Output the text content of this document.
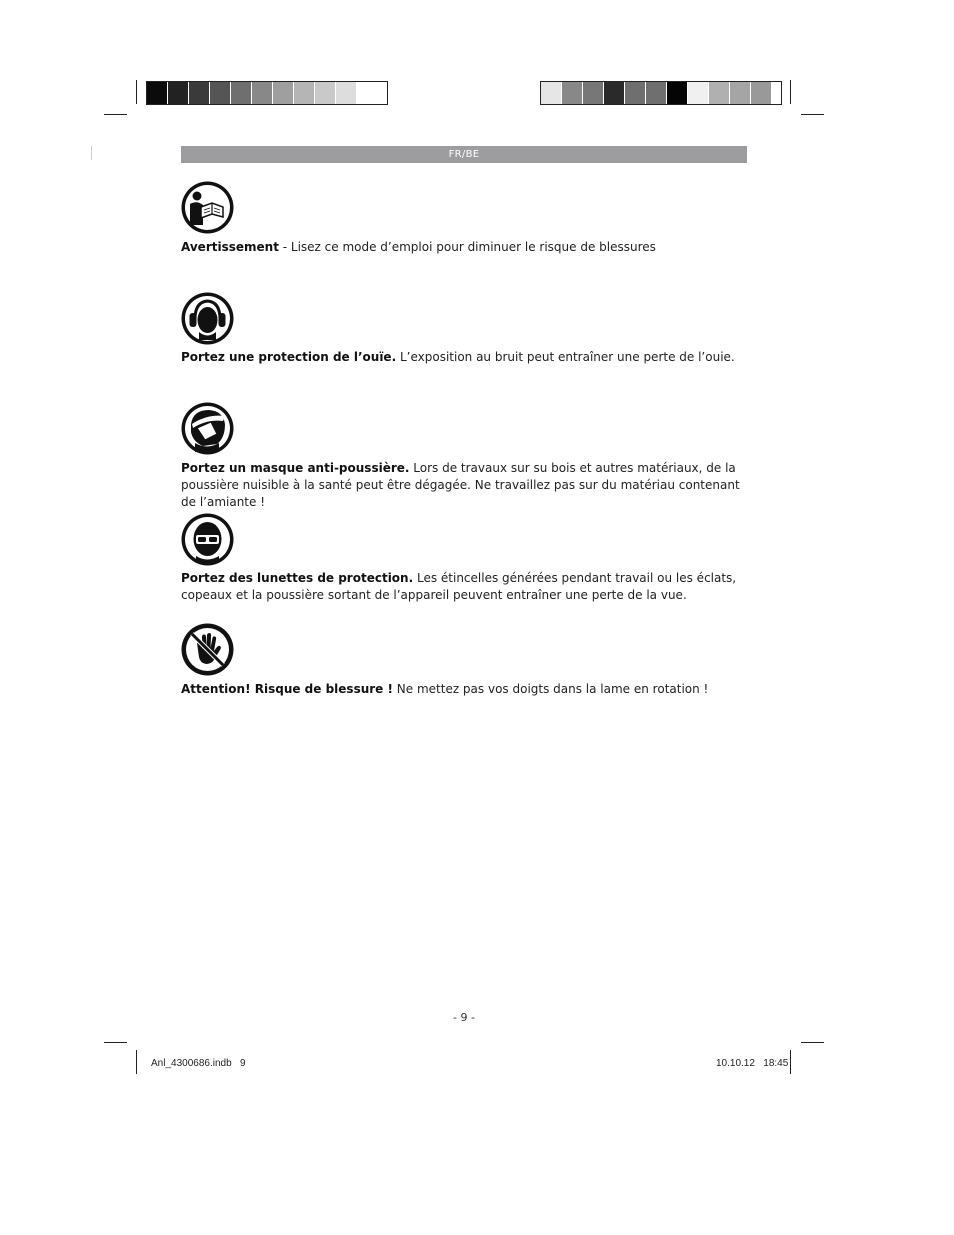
FR/BE
Avertissement - Lisez ce mode d’emploi pour diminuer le risque de blessures
Portez une protection de l’ouïe. L’exposition au bruit peut entraîner une perte de l’ouie.
Portez un masque anti-poussière. Lors de travaux sur su bois et autres matériaux, de la poussière nuisible à la santé peut être dégagée. Ne travaillez pas sur du matériau contenant de l’amiante !
Portez des lunettes de protection. Les étincelles générées pendant travail ou les éclats, copeaux et la poussière sortant de l’appareil peuvent entraîner une perte de la vue.
Attention! Risque de blessure ! Ne mettez pas vos doigts dans la lame en rotation !
- 9 -
Anl_4300686.indb   9	10.10.12   18:45
